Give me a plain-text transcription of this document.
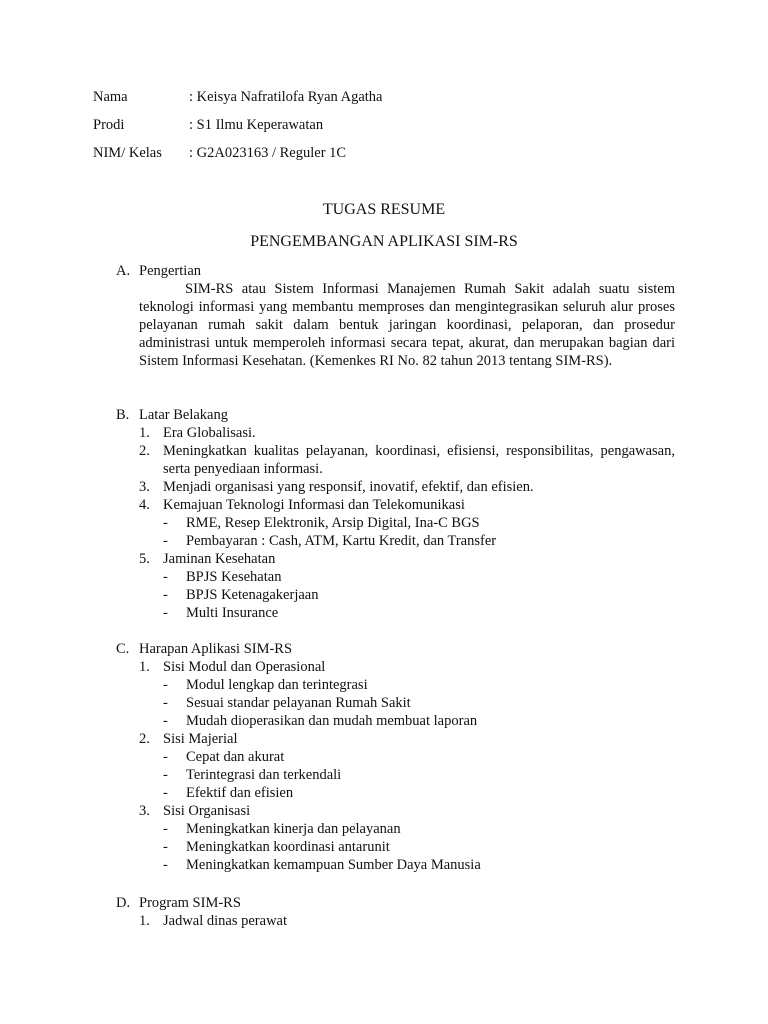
Nama	: Keisya Nafratilofa Ryan Agatha
Prodi	: S1 Ilmu Keperawatan
NIM/ Kelas : G2A023163 / Reguler 1C
TUGAS RESUME
PENGEMBANGAN APLIKASI SIM-RS
A. Pengertian
SIM-RS atau Sistem Informasi Manajemen Rumah Sakit adalah suatu sistem teknologi informasi yang membantu memproses dan mengintegrasikan seluruh alur proses pelayanan rumah sakit dalam bentuk jaringan koordinasi, pelaporan, dan prosedur administrasi untuk memperoleh informasi secara tepat, akurat, dan merupakan bagian dari Sistem Informasi Kesehatan. (Kemenkes RI No. 82 tahun 2013 tentang SIM-RS).
B. Latar Belakang
1. Era Globalisasi.
2. Meningkatkan kualitas pelayanan, koordinasi, efisiensi, responsibilitas, pengawasan, serta penyediaan informasi.
3. Menjadi organisasi yang responsif, inovatif, efektif, dan efisien.
4. Kemajuan Teknologi Informasi dan Telekomunikasi
- RME, Resep Elektronik, Arsip Digital, Ina-C BGS
- Pembayaran : Cash, ATM, Kartu Kredit, dan Transfer
5. Jaminan Kesehatan
- BPJS Kesehatan
- BPJS Ketenagakerjaan
- Multi Insurance
C. Harapan Aplikasi SIM-RS
1. Sisi Modul dan Operasional
- Modul lengkap dan terintegrasi
- Sesuai standar pelayanan Rumah Sakit
- Mudah dioperasikan dan mudah membuat laporan
2. Sisi Majerial
- Cepat dan akurat
- Terintegrasi dan terkendali
- Efektif dan efisien
3. Sisi Organisasi
- Meningkatkan kinerja dan pelayanan
- Meningkatkan koordinasi antarunit
- Meningkatkan kemampuan Sumber Daya Manusia
D. Program SIM-RS
1. Jadwal dinas perawat
